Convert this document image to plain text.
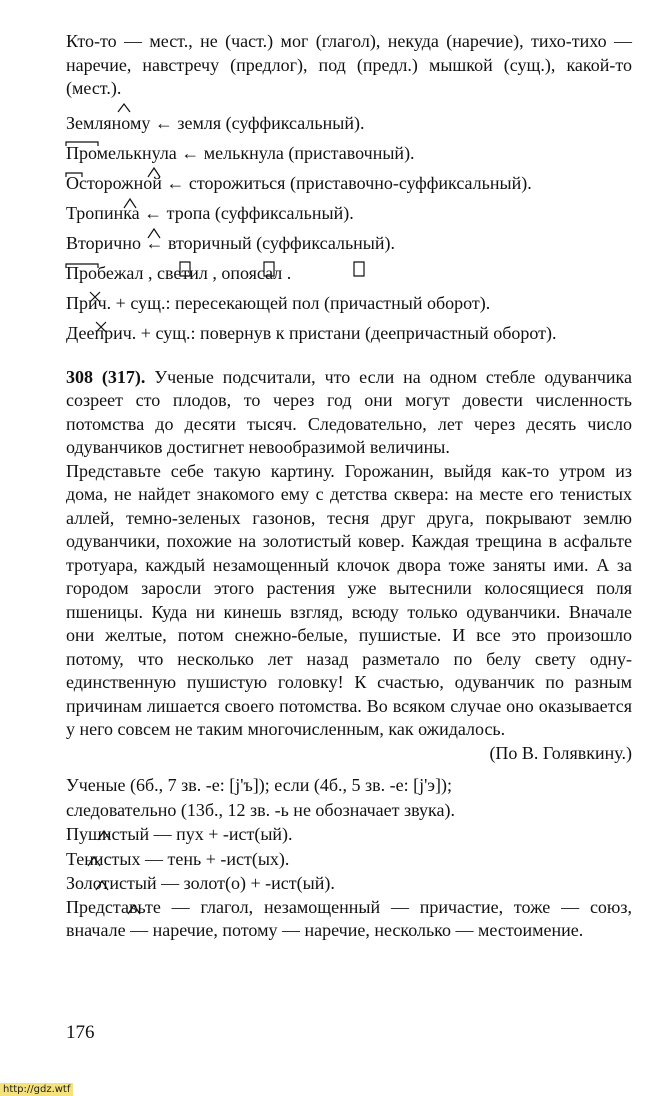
Кто-то — мест., не (част.) мог (глагол), некуда (наречие), тихо-тихо — наречие, навстречу (предлог), под (предл.) мышкой (сущ.), какой-то (мест.).

Земляному ← земля (суффиксальный).

Промелькнула ← мелькнула (приставочный).

Осторожной ← сторожиться (приставочно-суффиксальный).

Тропинка ← тропа (суффиксальный).

Вторично ← вторичный (суффиксальный).

Пробежал , светил , опоясал .

Прич. + сущ.: пересекающей пол (причастный оборот).

Дееприч. + сущ.: повернув к пристани (деепричастный оборот).

308 (317). Ученые подсчитали, что если на одном стебле одуванчика созреет сто плодов, то через год они могут довести численность потомства до десяти тысяч. Следовательно, лет через десять число одуванчиков достигнет невообразимой величины.

Представьте себе такую картину. Горожанин, выйдя как-то утром из дома, не найдет знакомого ему с детства сквера: на месте его тенистых аллей, темно-зеленых газонов, тесня друг друга, покрывают землю одуванчики, похожие на золотистый ковер. Каждая трещина в асфальте тротуара, каждый незамощенный клочок двора тоже заняты ими. А за городом заросли этого растения уже вытеснили колосящиеся поля пшеницы. Куда ни кинешь взгляд, всюду только одуванчики. Вначале они желтые, потом снежно-белые, пушистые. И все это произошло потому, что несколько лет назад разметало по белу свету одну-единственную пушистую головку! К счастью, одуванчик по разным причинам лишается своего потомства. Во всяком случае оно оказывается у него совсем не таким многочисленным, как ожидалось.

(По В. Голявкину.)

Ученые (6б., 7 зв. -е: [j'ъ]); если (4б., 5 зв. -е: [j'э]);

следовательно (13б., 12 зв. -ь не обозначает звука).

Пушистый — пух + -ист(ый).

Тенистых — тень + -ист(ых).

Золотистый — золот(о) + -ист(ый).

Представьте — глагол, незамощенный — причастие, тоже — союз, вначале — наречие, потому — наречие, несколько — местоимение.

176
http://gdz.wtf
